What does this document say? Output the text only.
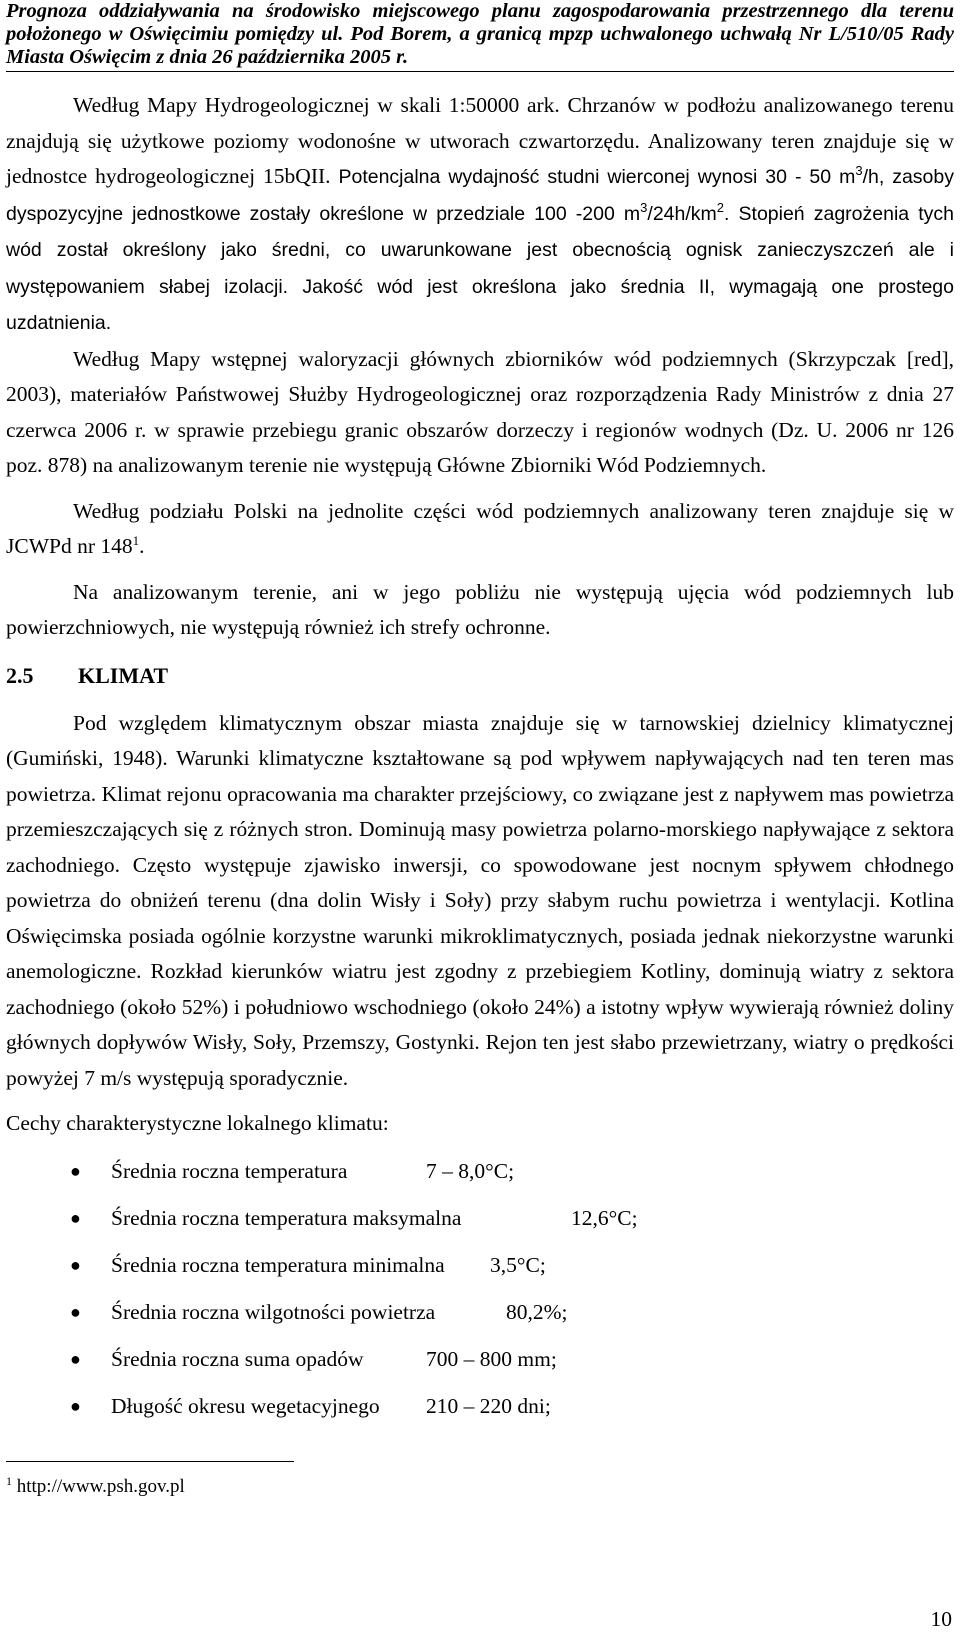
Prognoza oddziaływania na środowisko miejscowego planu zagospodarowania przestrzennego dla terenu
położonego w Oświęcimiu pomiędzy ul. Pod Borem, a granicą mpzp uchwalonego uchwałą Nr L/510/05 Rady
Miasta Oświęcim z dnia 26 października 2005 r.

Według Mapy Hydrogeologicznej w skali 1:50000 ark. Chrzanów w podłożu analizowanego terenu znajdują się użytkowe poziomy wodonośne w utworach czwartorzędu. Analizowany teren znajduje się w jednostce hydrogeologicznej 15bQII. Potencjalna wydajność studni wierconej wynosi 30 - 50 $m^3/h$, zasoby dyspozycyjne jednostkowe zostały określone w przedziale 100 -200 $m^3/24h/km^2$. Stopień zagrożenia tych wód został określony jako średni, co uwarunkowane jest obecnością ognisk zanieczyszczeń ale i występowaniem słabej izolacji. Jakość wód jest określona jako średnia II, wymagają one prostego uzdatnienia.

Według Mapy wstępnej waloryzacji głównych zbiorników wód podziemnych (Skrzypczak [red], 2003), materiałów Państwowej Służby Hydrogeologicznej oraz rozporządzenia Rady Ministrów z dnia 27 czerwca 2006 r. w sprawie przebiegu granic obszarów dorzeczy i regionów wodnych (Dz. U. 2006 nr 126 poz. 878) na analizowanym terenie nie występują Główne Zbiorniki Wód Podziemnych.

Według podziału Polski na jednolite części wód podziemnych analizowany teren znajduje się w JCWPd nr $148^1$.

Na analizowanym terenie, ani w jego pobliżu nie występują ujęcia wód podziemnych lub powierzchniowych, nie występują również ich strefy ochronne.

2.5	KLIMAT

Pod względem klimatycznym obszar miasta znajduje się w tarnowskiej dzielnicy klimatycznej (Gumiński, 1948). Warunki klimatyczne kształtowane są pod wpływem napływających nad ten teren mas powietrza. Klimat rejonu opracowania ma charakter przejściowy, co związane jest z napływem mas powietrza przemieszczających się z różnych stron. Dominują masy powietrza polarno-morskiego napływające z sektora zachodniego. Często występuje zjawisko inwersji, co spowodowane jest nocnym spływem chłodnego powietrza do obniżeń terenu (dna dolin Wisły i Soły) przy słabym ruchu powietrza i wentylacji. Kotlina Oświęcimska posiada ogólnie korzystne warunki mikroklimatycznych, posiada jednak niekorzystne warunki anemologiczne. Rozkład kierunków wiatru jest zgodny z przebiegiem Kotliny, dominują wiatry z sektora zachodniego (około 52%) i południowo wschodniego (około 24%) a istotny wpływ wywierają również doliny głównych dopływów Wisły, Soły, Przemszy, Gostynki. Rejon ten jest słabo przewietrzany, wiatry o prędkości powyżej 7 m/s występują sporadycznie.

Cechy charakterystyczne lokalnego klimatu:

● Średnia roczna temperatura	7 – 8,0°C;
● Średnia roczna temperatura maksymalna	12,6°C;
● Średnia roczna temperatura minimalna 3,5°C;
● Średnia roczna wilgotności powietrza	80,2%;
● Średnia roczna suma opadów	700 – 800 mm;
● Długość okresu wegetacyjnego 210 – 220 dni;
$^1$ http://www.psh.gov.pl
10
